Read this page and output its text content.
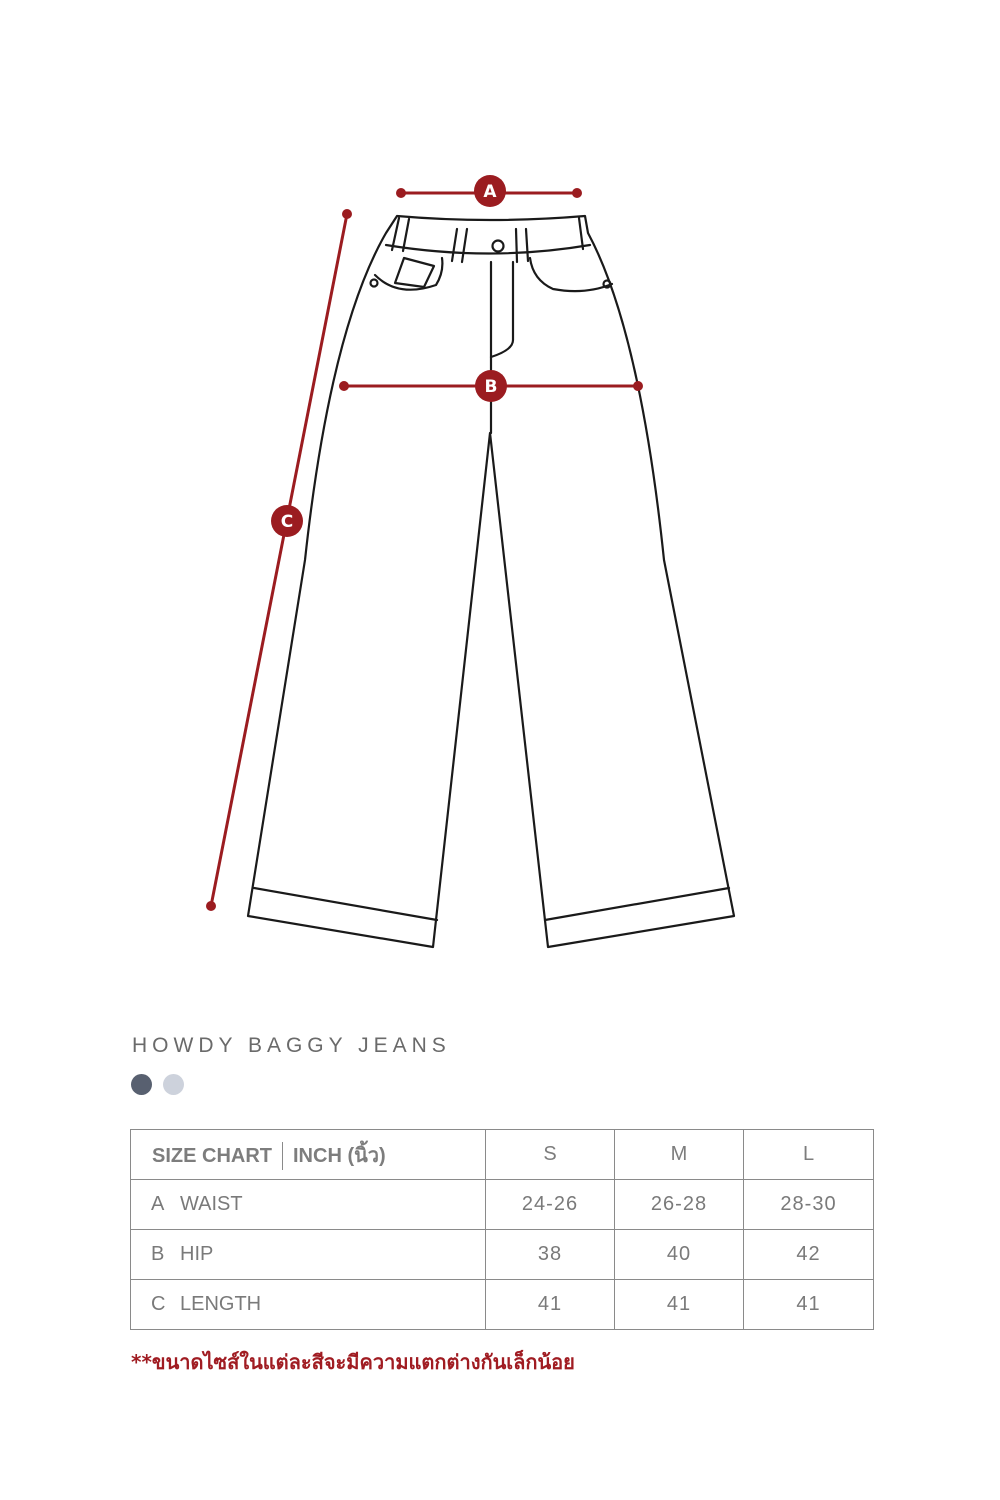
A
B
C
HOWDY BAGGY JEANS
SIZE CHART INCH (นิ้ว)	S	M	L
A WAIST	24-26	26-28	28-30
B HIP	38	40	42
C LENGTH	41	41	41

**ขนาดไซส์ในแต่ละสีจะมีความแตกต่างกันเล็กน้อย
